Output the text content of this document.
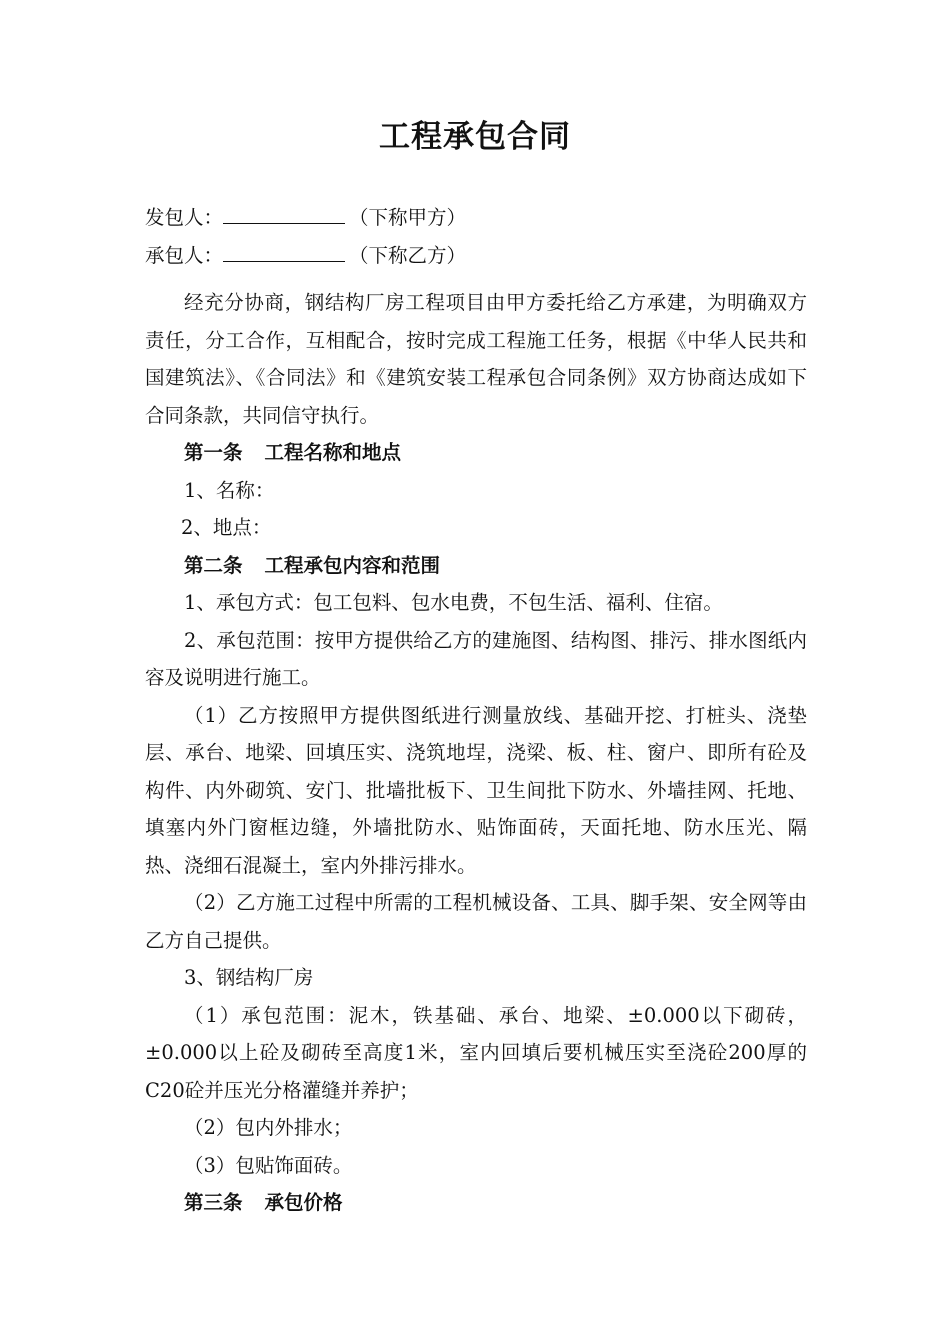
工程承包合同

发包人：	（下称甲方）

承包人：	（下称乙方）

经充分协商，钢结构厂房工程项目由甲方委托给乙方承建，为明确双方责任，分工合作，互相配合，按时完成工程施工任务，根据《中华人民共和国建筑法》、《合同法》和《建筑安装工程承包合同条例》双方协商达成如下合同条款，共同信守执行。

第一条 工程名称和地点

1、名称：

2、地点：

第二条 工程承包内容和范围

1、承包方式：包工包料、包水电费，不包生活、福利、住宿。

2、承包范围：按甲方提供给乙方的建施图、结构图、排污、排水图纸内容及说明进行施工。

（1）乙方按照甲方提供图纸进行测量放线、基础开挖、打桩头、浇垫层、承台、地梁、回填压实、浇筑地埕，浇梁、板、柱、窗户、即所有砼及构件、内外砌筑、安门、批墙批板下、卫生间批下防水、外墙挂网、托地、填塞内外门窗框边缝，外墙批防水、贴饰面砖，天面托地、防水压光、隔热、浇细石混凝土，室内外排污排水。

（2）乙方施工过程中所需的工程机械设备、工具、脚手架、安全网等由乙方自己提供。

3、钢结构厂房

（1）承包范围：泥木，铁基础、承台、地梁、±0.000以下砌砖，±0.000以上砼及砌砖至高度1米，室内回填后要机械压实至浇砼200厚的C20砼并压光分格灌缝并养护；

（2）包内外排水；

（3）包贴饰面砖。

第三条 承包价格
